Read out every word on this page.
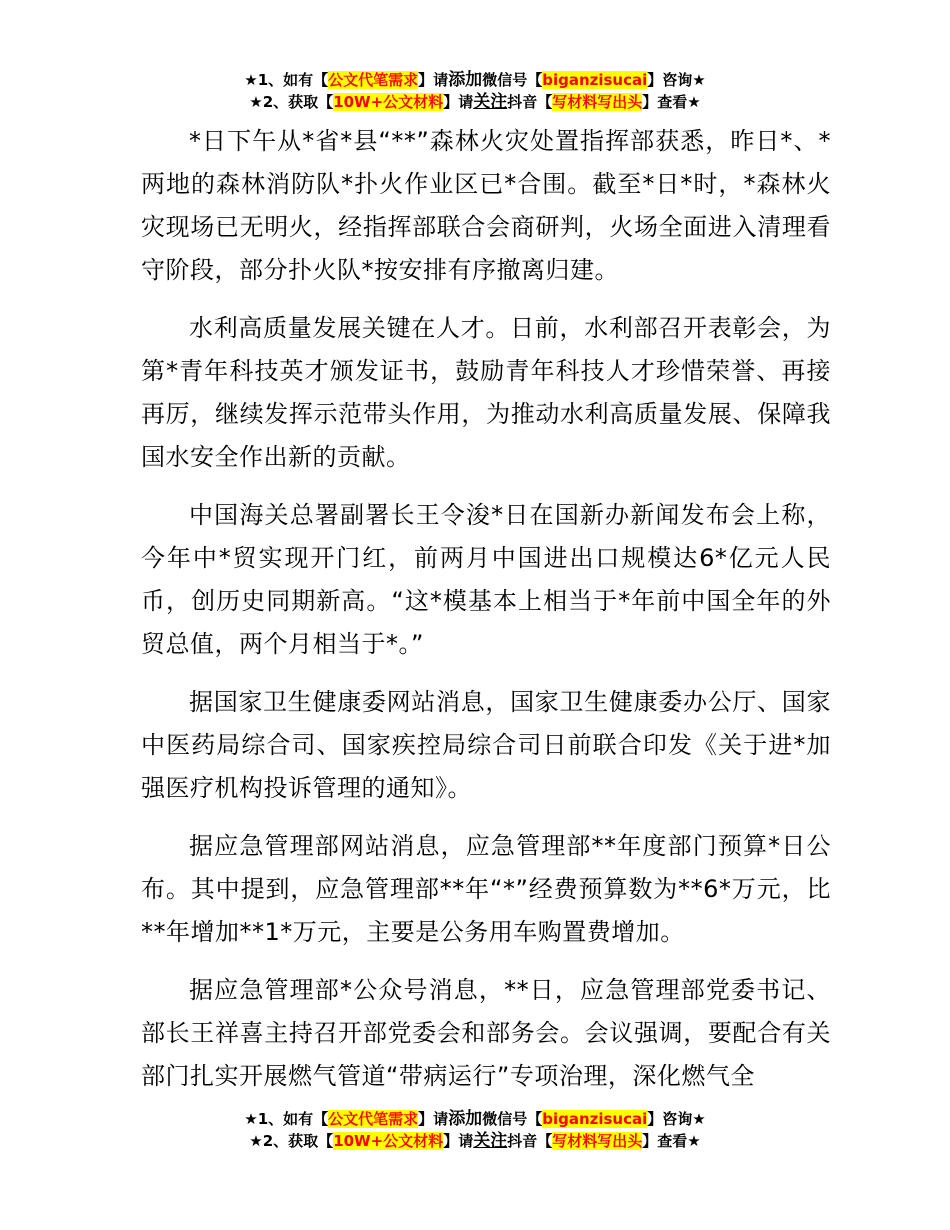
★1、如有【公文代笔需求】请添加微信号【biganzisucai】咨询★
★2、获取【10W+公文材料】请关注抖音【写材料写出头】查看★

*日下午从*省*县“**”森林火灾处置指挥部获悉，昨日*、*两地的森林消防队*扑火作业区已*合围。截至*日*时，*森林火灾现场已无明火，经指挥部联合会商研判，火场全面进入清理看守阶段，部分扑火队*按安排有序撤离归建。

水利高质量发展关键在人才。日前，水利部召开表彰会，为第*青年科技英才颁发证书，鼓励青年科技人才珍惜荣誉、再接再厉，继续发挥示范带头作用，为推动水利高质量发展、保障我国水安全作出新的贡献。

中国海关总署副署长王令浚*日在国新办新闻发布会上称，今年中*贸实现开门红，前两月中国进出口规模达6*亿元人民币，创历史同期新高。“这*模基本上相当于*年前中国全年的外贸总值，两个月相当于*。”

据国家卫生健康委网站消息，国家卫生健康委办公厅、国家中医药局综合司、国家疾控局综合司日前联合印发《关于进*加强医疗机构投诉管理的通知》。

据应急管理部网站消息，应急管理部**年度部门预算*日公布。其中提到，应急管理部**年“*”经费预算数为**6*万元，比**年增加**1*万元，主要是公务用车购置费增加。

据应急管理部*公众号消息，**日，应急管理部党委书记、部长王祥喜主持召开部党委会和部务会。会议强调，要配合有关部门扎实开展燃气管道“带病运行”专项治理，深化燃气全

★1、如有【公文代笔需求】请添加微信号【biganzisucai】咨询★
★2、获取【10W+公文材料】请关注抖音【写材料写出头】查看★
